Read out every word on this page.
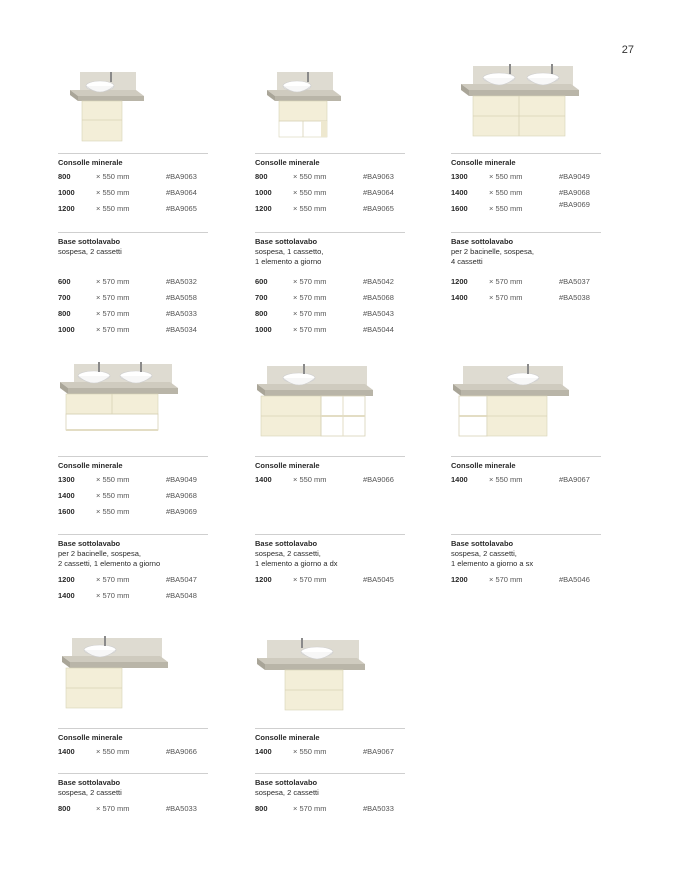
27
Consolle minerale
800	× 550 mm	#BA9063
1000	× 550 mm	#BA9064
1200	× 550 mm	#BA9065
Base sottolavabo
sospesa, 2 cassetti
600	× 570 mm	#BA5032
700	× 570 mm	#BA5058
800	× 570 mm	#BA5033
1000	× 570 mm	#BA5034
Consolle minerale
800	× 550 mm	#BA9063
1000	× 550 mm	#BA9064
1200	× 550 mm	#BA9065
Base sottolavabo
sospesa, 1 cassetto,
1 elemento a giorno
600	× 570 mm	#BA5042
700	× 570 mm	#BA5068
800	× 570 mm	#BA5043
1000	× 570 mm	#BA5044
Consolle minerale
1300	× 550 mm	#BA9049
1400	× 550 mm	#BA9068
1600	× 550 mm	#BA9069
Base sottolavabo
per 2 bacinelle, sospesa,
4 cassetti
1200	× 570 mm	#BA5037
1400	× 570 mm	#BA5038
Consolle minerale
1300	× 550 mm	#BA9049
1400	× 550 mm	#BA9068
1600	× 550 mm	#BA9069
Base sottolavabo
per 2 bacinelle, sospesa,
2 cassetti, 1 elemento a giorno
1200	× 570 mm	#BA5047
1400	× 570 mm	#BA5048
Consolle minerale
1400	× 550 mm	#BA9066
Base sottolavabo
sospesa, 2 cassetti,
1 elemento a giorno a dx
1200	× 570 mm	#BA5045
Consolle minerale
1400	× 550 mm	#BA9067
Base sottolavabo
sospesa, 2 cassetti,
1 elemento a giorno a sx
1200	× 570 mm	#BA5046
Consolle minerale
1400	× 550 mm	#BA9066
Base sottolavabo
sospesa, 2 cassetti
800	× 570 mm	#BA5033
Consolle minerale
1400	× 550 mm	#BA9067
Base sottolavabo
sospesa, 2 cassetti
800	× 570 mm	#BA5033
